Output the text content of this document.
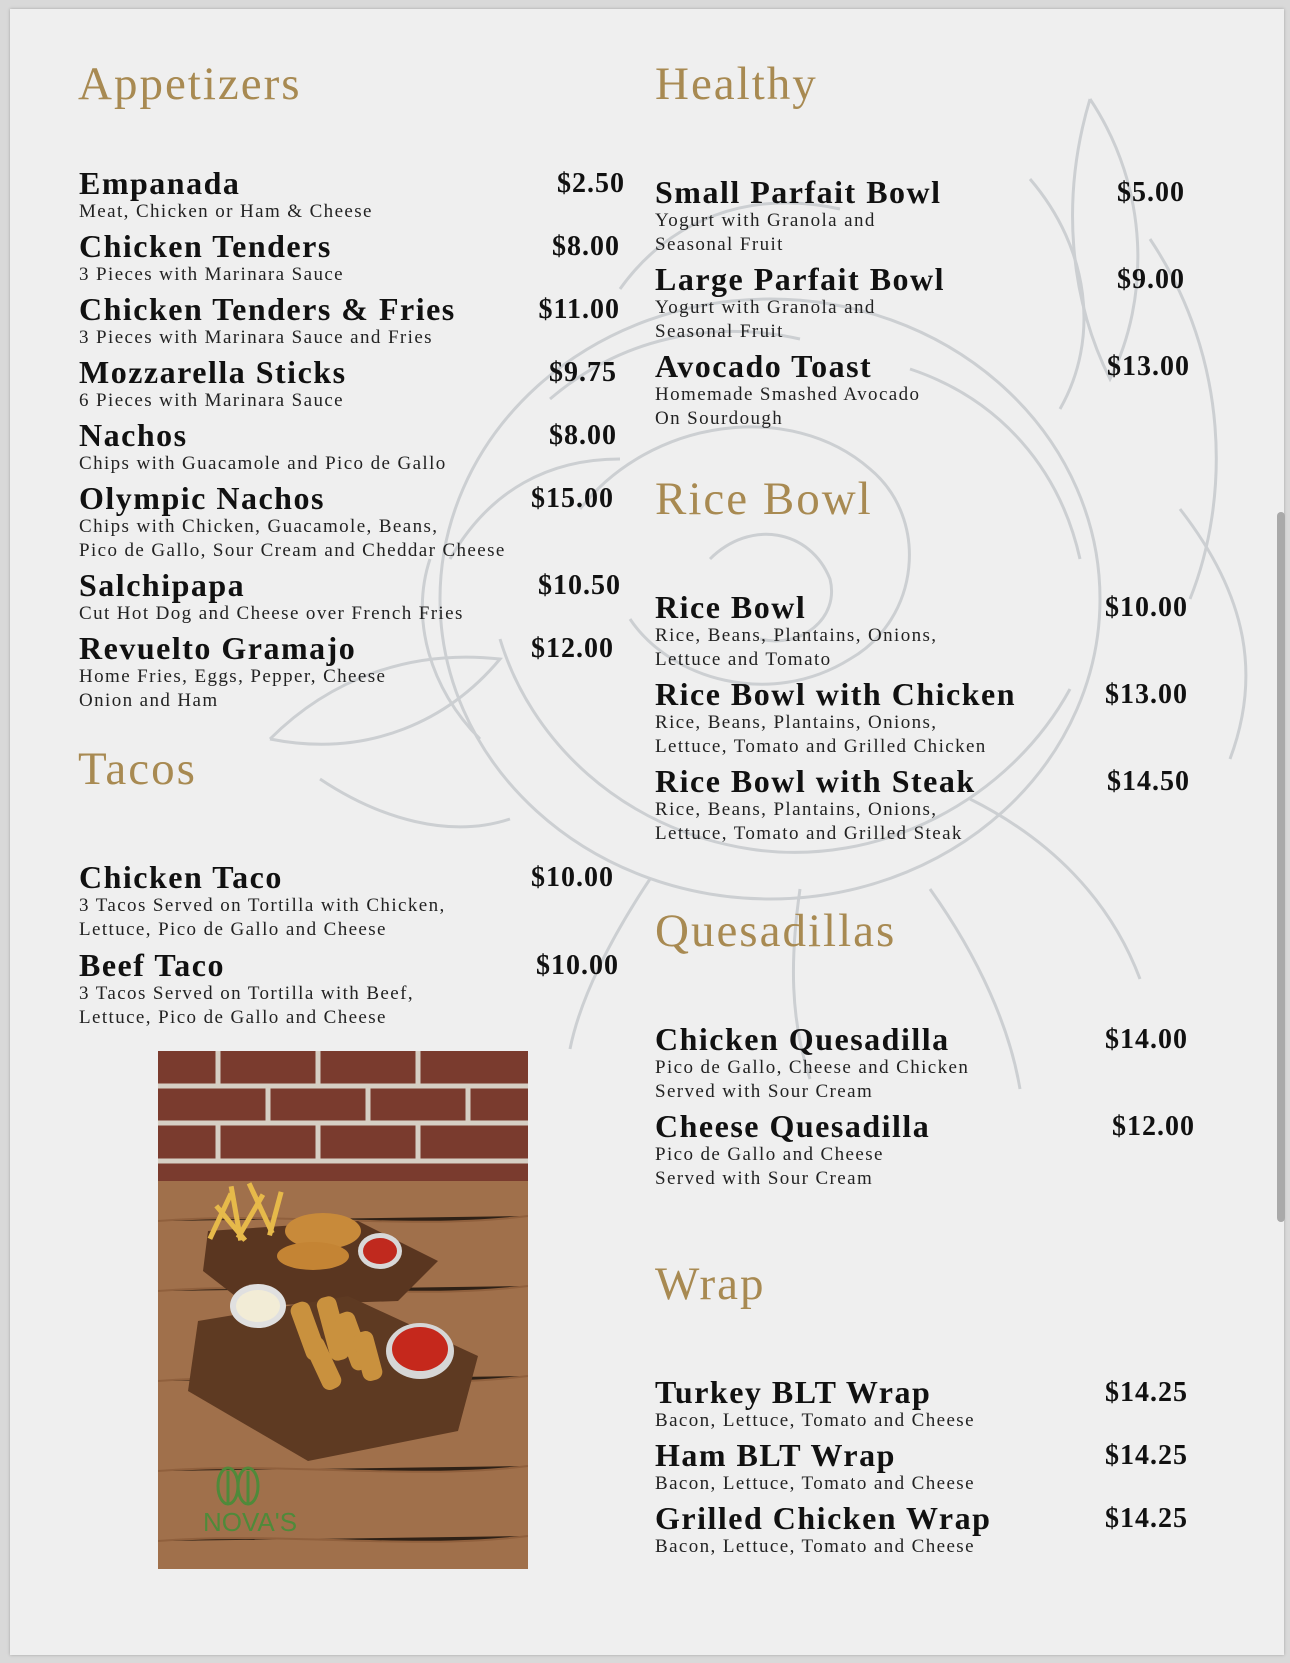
Appetizers
Empanada
Meat, Chicken or Ham & Cheese
$2.50
Chicken Tenders
3 Pieces with Marinara Sauce
$8.00
Chicken Tenders & Fries
3 Pieces with Marinara Sauce and Fries
$11.00
Mozzarella Sticks
6 Pieces with Marinara Sauce
$9.75
Nachos
Chips with Guacamole and Pico de Gallo
$8.00
Olympic Nachos
Chips with Chicken, Guacamole, Beans,
Pico de Gallo, Sour Cream and Cheddar Cheese
$15.00
Salchipapa
Cut Hot Dog and Cheese over French Fries
$10.50
Revuelto Gramajo
Home Fries, Eggs, Pepper, Cheese
Onion and Ham
$12.00
Tacos
Chicken Taco
3 Tacos Served on Tortilla with Chicken,
Lettuce, Pico de Gallo and Cheese
$10.00
Beef Taco
3 Tacos Served on Tortilla with Beef,
Lettuce, Pico de Gallo and Cheese
$10.00
NOVA'S
Healthy
Small Parfait Bowl
Yogurt with Granola and
Seasonal Fruit
$5.00
Large Parfait Bowl
Yogurt with Granola and
Seasonal Fruit
$9.00
Avocado Toast
Homemade Smashed Avocado
On Sourdough
$13.00
Rice Bowl
Rice Bowl
Rice, Beans, Plantains, Onions,
Lettuce and Tomato
$10.00
Rice Bowl with Chicken
Rice, Beans, Plantains, Onions,
Lettuce, Tomato and Grilled Chicken
$13.00
Rice Bowl with Steak
Rice, Beans, Plantains, Onions,
Lettuce, Tomato and Grilled Steak
$14.50
Quesadillas
Chicken Quesadilla
Pico de Gallo, Cheese and Chicken
Served with Sour Cream
$14.00
Cheese Quesadilla
Pico de Gallo and Cheese
Served with Sour Cream
$12.00
Wrap
Turkey BLT Wrap
Bacon, Lettuce, Tomato and Cheese
$14.25
Ham BLT Wrap
Bacon, Lettuce, Tomato and Cheese
$14.25
Grilled Chicken Wrap
Bacon, Lettuce, Tomato and Cheese
$14.25
